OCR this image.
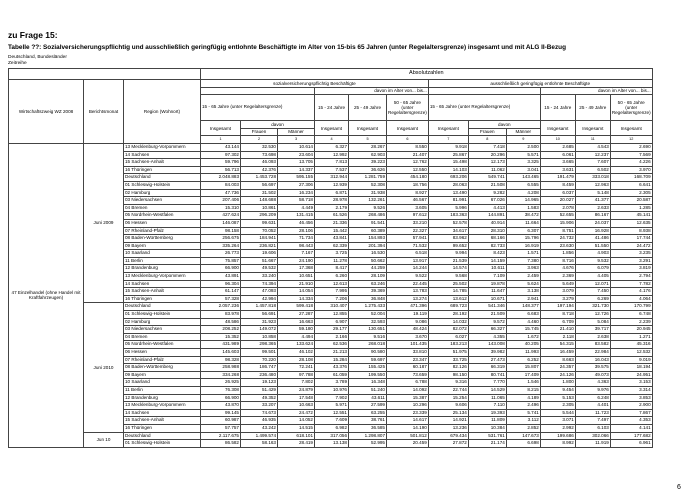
zu Frage 15:
Tabelle ??: Sozialversicherungspflichtig und ausschließlich geringfügig entlohnte Beschäftigte im Alter von 15-bis 65 Jahren (unter Regelaltersgrenze) insgesamt und mit ALG II-Bezug
Deutschland, Bundesländer
Zeitreihe
			Absolutzahlen											
Wirtschaftszweig WZ 2008	Berichtsmonat	Region (Wohnort)	sozialversicherungspflichtig Beschäftigte						ausschließlich geringfügig entlohnte Beschäftigte					
						davon im Alter von... bis...						davon im Alter von... bis...		
			15 - 65 Jahre (unter Regelaltersgrenze)			15 - 24 Jahre	25 - 49 Jahre	50 - 65 Jahre (unter Regelaltersgrenze)	15 - 65 Jahre (unter Regelaltersgrenze)			15 - 24 Jahre	25 - 49 Jahre	50 - 65 Jahre (unter Regelaltersgrenze)
			Insgesamt	davon		Insgesamt	Insgesamt	Insgesamt	Insgesamt	davon		Insgesamt	Insgesamt	Insgesamt
				Frauen	Männer					Frauen	Männer			
			1	2	3	4	5	6	7	8	9	10	11	12
47 Einzelhandel (ohne Handel mit Kraftfahrzeugen)	Juni 2009	13 Mecklenburg-Vorpommern	43.144	32.530	10.614	6.327	28.267	8.550	9.918	7.418	2.500	2.685	4.543	2.690
		14 Sachsen	97.302	73.698	23.604	12.992	62.903	21.407	25.867	20.296	5.571	6.061	12.237	7.569
		15 Sachsen-Anhalt	59.796	46.093	13.705	7.813	39.223	12.762	15.498	12.173	3.325	3.665	7.607	4.226
		16 Thüringen	56.713	42.376	14.337	7.537	36.626	12.550	14.103	11.062	3.041	3.631	6.502	3.970
		Deutschland	2.048.883	1.453.728	595.155	312.944	1.281.759	454.180	693.206	549.741	143.465	191.479	333.018	168.709
		01 Schleswig-Holstein	84.003	56.697	27.306	12.939	52.308	18.756	28.063	21.508	6.555	8.459	12.963	6.641
		02 Hamburg	47.736	31.502	16.234	6.871	31.938	8.927	13.490	9.282	4.208	6.037	5.148	2.305
		03 Niedersachsen	207.406	148.688	58.718	28.978	132.261	46.567	81.991	67.026	14.965	20.027	41.377	20.587
		04 Bremen	15.310	10.861	4.449	2.179	9.526	3.605	5.996	4.413	1.583	2.078	2.633	1.285
		05 Nordrhein-Westfalen	427.624	296.209	131.415	61.526	268.486	97.612	183.363	144.891	38.472	52.655	86.167	45.141
		06 Hessen	146.087	99.631	46.456	21.336	91.541	33.210	52.578	40.914	11.664	15.906	24.037	12.635
		07 Rheinland-Pfalz	98.158	70.052	28.106	15.442	60.389	22.327	34.617	28.310	6.307	8.751	16.928	8.938
		08 Baden-Württemberg	256.675	184.941	71.734	43.841	154.893	57.941	83.962	68.166	15.796	24.732	41.486	17.744
		09 Bayern	335.264	236.821	98.443	62.339	201.394	71.532	99.652	82.733	16.919	23.630	51.550	24.472
		10 Saarland	26.773	19.606	7.167	3.725	16.530	6.518	9.994	8.423	1.571	1.856	4.903	3.235
		11 Berlin	75.857	51.667	24.190	11.278	50.662	13.917	21.539	14.159	7.380	8.716	9.532	3.291
		12 Brandenburg	66.900	49.532	17.368	8.417	44.259	14.244	14.574	10.611	3.963	4.676	6.079	3.819
		13 Mecklenburg-Vorpommern	43.891	33.240	10.651	6.260	28.109	9.522	9.568	7.109	2.459	2.369	4.405	2.794
		14 Sachsen	96.304	74.394	21.910	12.613	63.246	22.445	25.502	19.878	5.624	5.649	12.071	7.782
		15 Sachsen-Anhalt	61.147	47.093	14.054	7.995	39.369	13.783	14.785	11.647	3.138	3.079	7.450	4.176
		16 Thüringen	57.328	42.994	14.334	7.206	36.848	13.274	13.612	10.671	2.941	3.279	6.269	4.064
	Juni 2010	Deutschland	2.057.236	1.457.818	599.418	310.407	1.275.433	471.396	689.723	541.346	148.377	197.194	321.730	170.799
		01 Schleswig-Holstein	83.978	56.691	27.287	12.855	52.004	19.119	28.192	21.509	6.683	8.718	12.726	6.748
		02 Hamburg	48.586	31.923	16.663	6.907	32.593	9.086	14.032	9.572	4.460	6.709	5.084	2.239
		03 Niedersachsen	208.252	149.072	59.180	29.177	130.651	48.424	82.072	66.327	15.745	21.410	39.717	20.945
		04 Bremen	15.352	10.858	4.494	2.166	9.516	3.670	6.027	4.355	1.672	2.118	2.638	1.271
		05 Nordrhein-Westfalen	431.989	298.365	133.624	62.536	268.018	101.435	183.213	143.008	40.205	54.315	83.582	45.316
		06 Hessen	145.603	99.501	46.102	21.213	90.580	33.810	51.975	39.982	11.993	16.459	22.984	12.532
		07 Rheinland-Pfalz	98.328	70.220	28.108	15.284	59.697	23.347	33.725	27.473	6.252	8.663	16.043	9.019
		08 Baden-Württemberg	258.988	186.747	72.241	43.376	155.425	60.187	82.126	66.319	15.807	24.357	39.575	18.194
		09 Bayern	334.268	236.480	97.788	61.059	199.550	73.659	98.150	80.741	17.409	24.126	49.073	24.951
		10 Saarland	26.925	19.123	7.802	3.789	16.348	6.788	9.316	7.770	1.546	1.800	4.363	3.153
		11 Berlin	76.308	51.429	24.879	10.976	51.240	14.092	22.744	14.529	8.215	9.454	9.976	3.314
		12 Brandenburg	66.900	49.352	17.548	7.902	43.611	15.387	15.254	11.065	4.189	5.153	6.248	3.853
		13 Mecklenburg-Vorpommern	43.870	33.207	10.663	5.971	27.599	10.296	9.606	7.110	2.496	2.305	4.401	2.900
		14 Sachsen	99.145	74.673	24.472	12.551	63.255	23.339	25.134	19.393	5.741	5.544	11.723	7.867
		15 Sachsen-Anhalt	60.987	46.935	14.052	7.609	38.761	14.617	14.921	11.809	3.112	3.071	7.497	4.353
		16 Thüringen	57.757	43.242	14.515	6.982	36.585	14.190	13.236	10.384	2.852	2.992	6.103	4.141
	Jun 10	Deutschland	2.117.675	1.499.574	618.101	317.056	1.298.807	501.812	679.434	531.761	147.673	199.686	302.066	177.682
		01 Schleswig-Holstein	86.582	58.163	28.419	13.138	52.995	20.459	27.872	21.174	6.698	8.992	11.919	6.961
6
